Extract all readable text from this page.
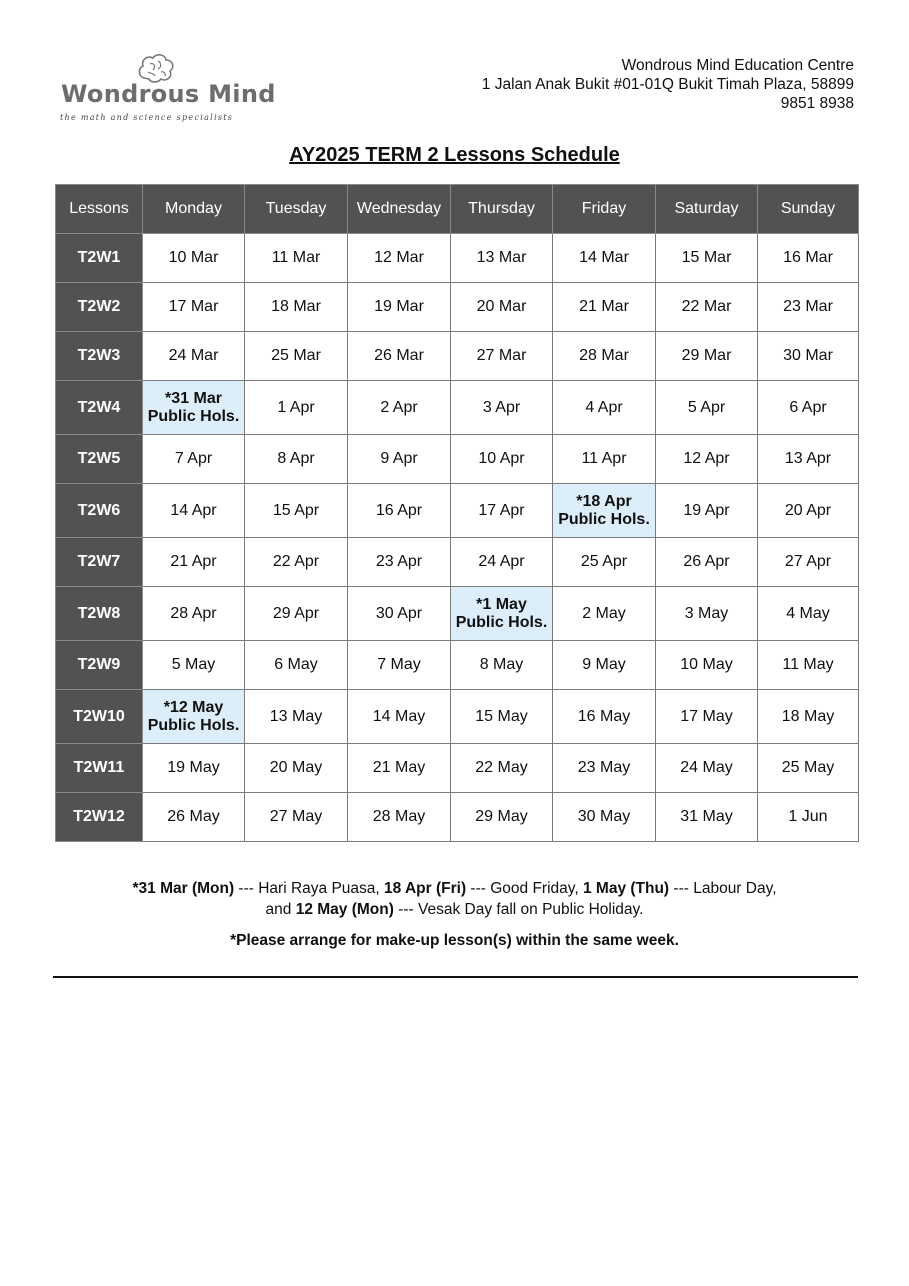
Wondrous Mind
the math and science specialists
Wondrous Mind Education Centre
1 Jalan Anak Bukit #01-01Q Bukit Timah Plaza, 58899
9851 8938
AY2025 TERM 2 Lessons Schedule
Lessons	Monday	Tuesday	Wednesday	Thursday	Friday	Saturday	Sunday
T2W1	10 Mar	11 Mar	12 Mar	13 Mar	14 Mar	15 Mar	16 Mar
T2W2	17 Mar	18 Mar	19 Mar	20 Mar	21 Mar	22 Mar	23 Mar
T2W3	24 Mar	25 Mar	26 Mar	27 Mar	28 Mar	29 Mar	30 Mar
T2W4	*31 Mar Public Hols.	1 Apr	2 Apr	3 Apr	4 Apr	5 Apr	6 Apr
T2W5	7 Apr	8 Apr	9 Apr	10 Apr	11 Apr	12 Apr	13 Apr
T2W6	14 Apr	15 Apr	16 Apr	17 Apr	*18 Apr Public Hols.	19 Apr	20 Apr
T2W7	21 Apr	22 Apr	23 Apr	24 Apr	25 Apr	26 Apr	27 Apr
T2W8	28 Apr	29 Apr	30 Apr	*1 May Public Hols.	2 May	3 May	4 May
T2W9	5 May	6 May	7 May	8 May	9 May	10 May	11 May
T2W10	*12 May Public Hols.	13 May	14 May	15 May	16 May	17 May	18 May
T2W11	19 May	20 May	21 May	22 May	23 May	24 May	25 May
T2W12	26 May	27 May	28 May	29 May	30 May	31 May	1 Jun
*31 Mar (Mon) --- Hari Raya Puasa, 18 Apr (Fri) --- Good Friday, 1 May (Thu) --- Labour Day,
and 12 May (Mon) --- Vesak Day fall on Public Holiday.
*Please arrange for make-up lesson(s) within the same week.
